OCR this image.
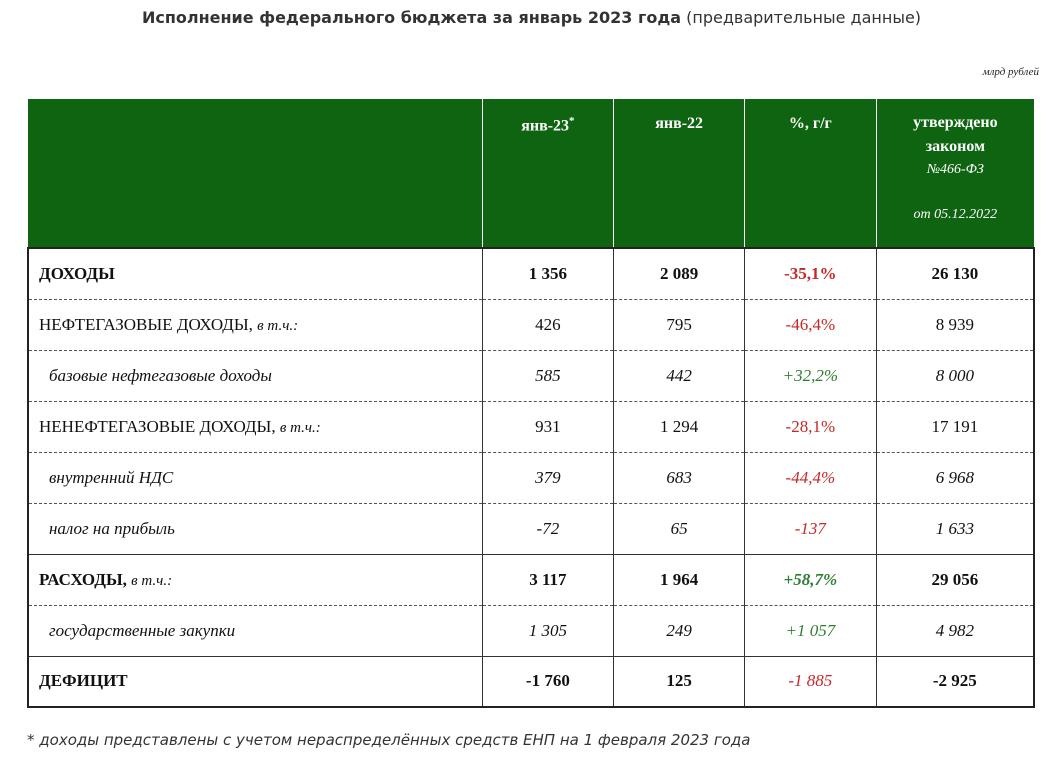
Исполнение федерального бюджета за январь 2023 года (предварительные данные)
млрд рублей
	янв-23*	янв-22	%, г/г	утверждено
законом
№466-ФЗ
от 05.12.2022

ДОХОДЫ	1 356	2 089	-35,1%	26 130
НЕФТЕГАЗОВЫЕ ДОХОДЫ, в т.ч.:	426	795	-46,4%	8 939
базовые нефтегазовые доходы	585	442	+32,2%	8 000
НЕНЕФТЕГАЗОВЫЕ ДОХОДЫ, в т.ч.:	931	1 294	-28,1%	17 191
внутренний НДС	379	683	-44,4%	6 968
налог на прибыль	-72	65	-137	1 633
РАСХОДЫ, в т.ч.:	3 117	1 964	+58,7%	29 056
государственные закупки	1 305	249	+1 057	4 982
ДЕФИЦИТ	-1 760	125	-1 885	-2 925
* доходы представлены с учетом нераспределённых средств ЕНП на 1 февраля 2023 года
